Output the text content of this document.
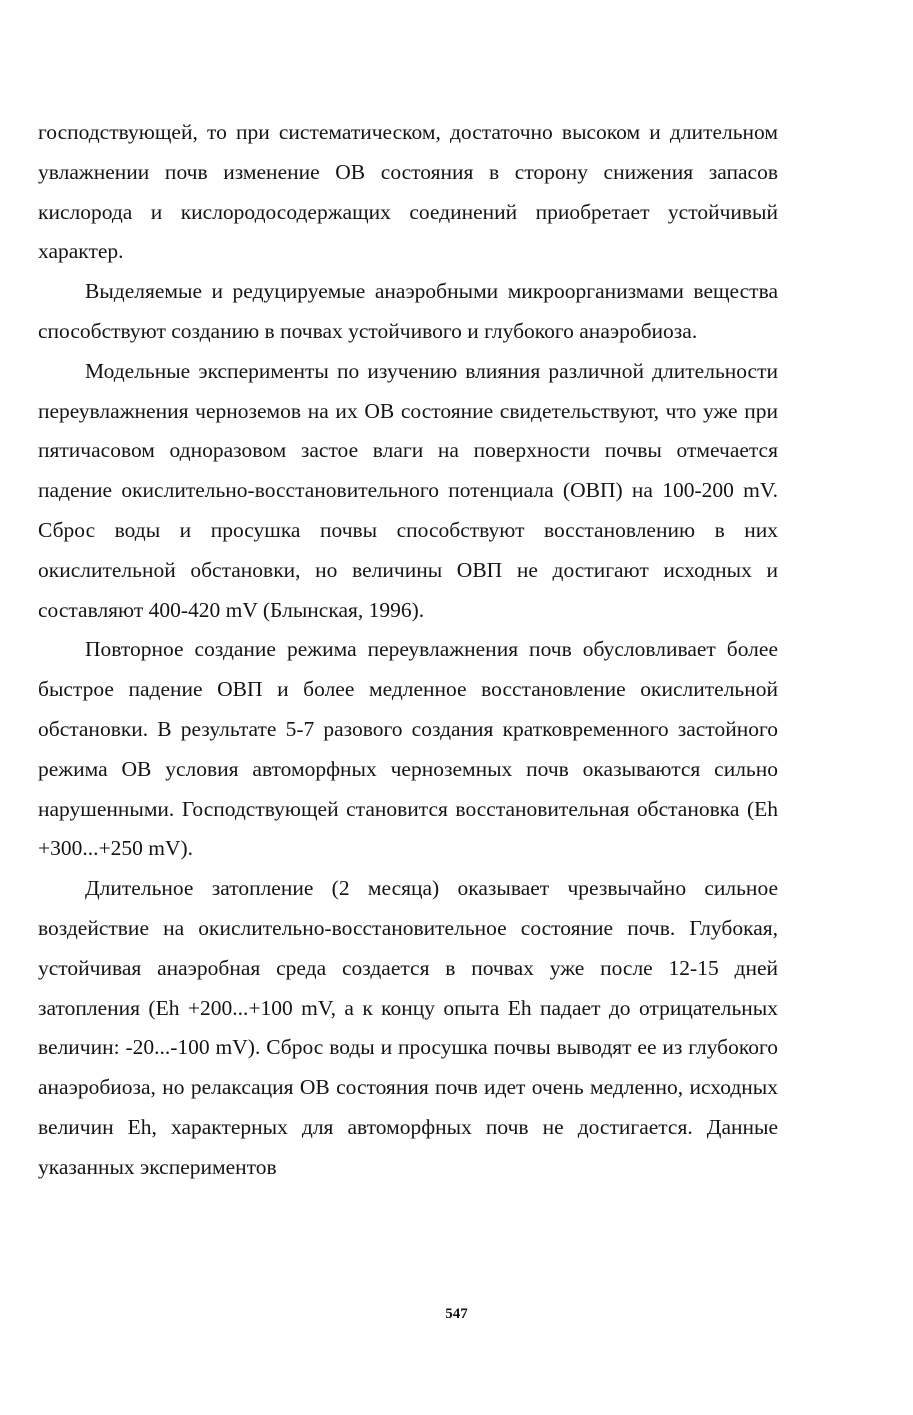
господствующей, то при систематическом, достаточно высоком и длительном увлажнении почв изменение ОВ состояния в сторону снижения запасов кислорода и кислородосодержащих соединений приобретает устойчивый характер.

Выделяемые и редуцируемые анаэробными микроорганизмами вещества способствуют созданию в почвах устойчивого и глубокого анаэробиоза.

Модельные эксперименты по изучению влияния различной длительности переувлажнения черноземов на их ОВ состояние свидетельствуют, что уже при пятичасовом одноразовом застое влаги на поверхности почвы отмечается падение окислительно-восстановительного потенциала (ОВП) на 100-200 mV. Сброс воды и просушка почвы способствуют восстановлению в них окислительной обстановки, но величины ОВП не достигают исходных и составляют 400-420 mV (Блынская, 1996).

Повторное создание режима переувлажнения почв обусловливает более быстрое падение ОВП и более медленное восстановление окислительной обстановки. В результате 5-7 разового создания кратковременного застойного режима ОВ условия автоморфных черноземных почв оказываются сильно нарушенными. Господствующей становится восстановительная обстановка (Eh +300...+250 mV).

Длительное затопление (2 месяца) оказывает чрезвычайно сильное воздействие на окислительно-восстановительное состояние почв. Глубокая, устойчивая анаэробная среда создается в почвах уже после 12-15 дней затопления (Eh +200...+100 mV, а к концу опыта Eh падает до отрицательных величин: -20...-100 mV). Сброс воды и просушка почвы выводят ее из глубокого анаэробиоза, но релаксация ОВ состояния почв идет очень медленно, исходных величин Eh, характерных для автоморфных почв не достигается. Данные указанных экспериментов

547
